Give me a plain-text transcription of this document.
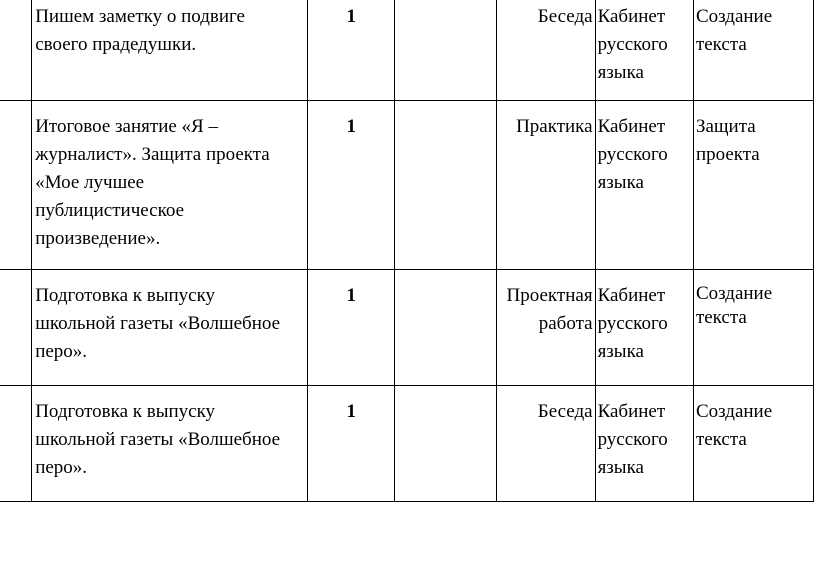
	Пишем заметку о подвиге
своего прадедушки.	1		Беседа	Кабинет
русского
языка	Создание
текста

	Итоговое занятие «Я –
журналист». Защита проекта
«Мое лучшее
публицистическое
произведение».	1		Практика	Кабинет
русского
языка	Защита
проекта

	Подготовка к выпуску
школьной газеты «Волшебное
перо».	1		Проектная
работа	Кабинет
русского
языка	Создание
текста

	Подготовка к выпуску
школьной газеты «Волшебное
перо».	1		Беседа	Кабинет
русского
языка	Создание
текста
